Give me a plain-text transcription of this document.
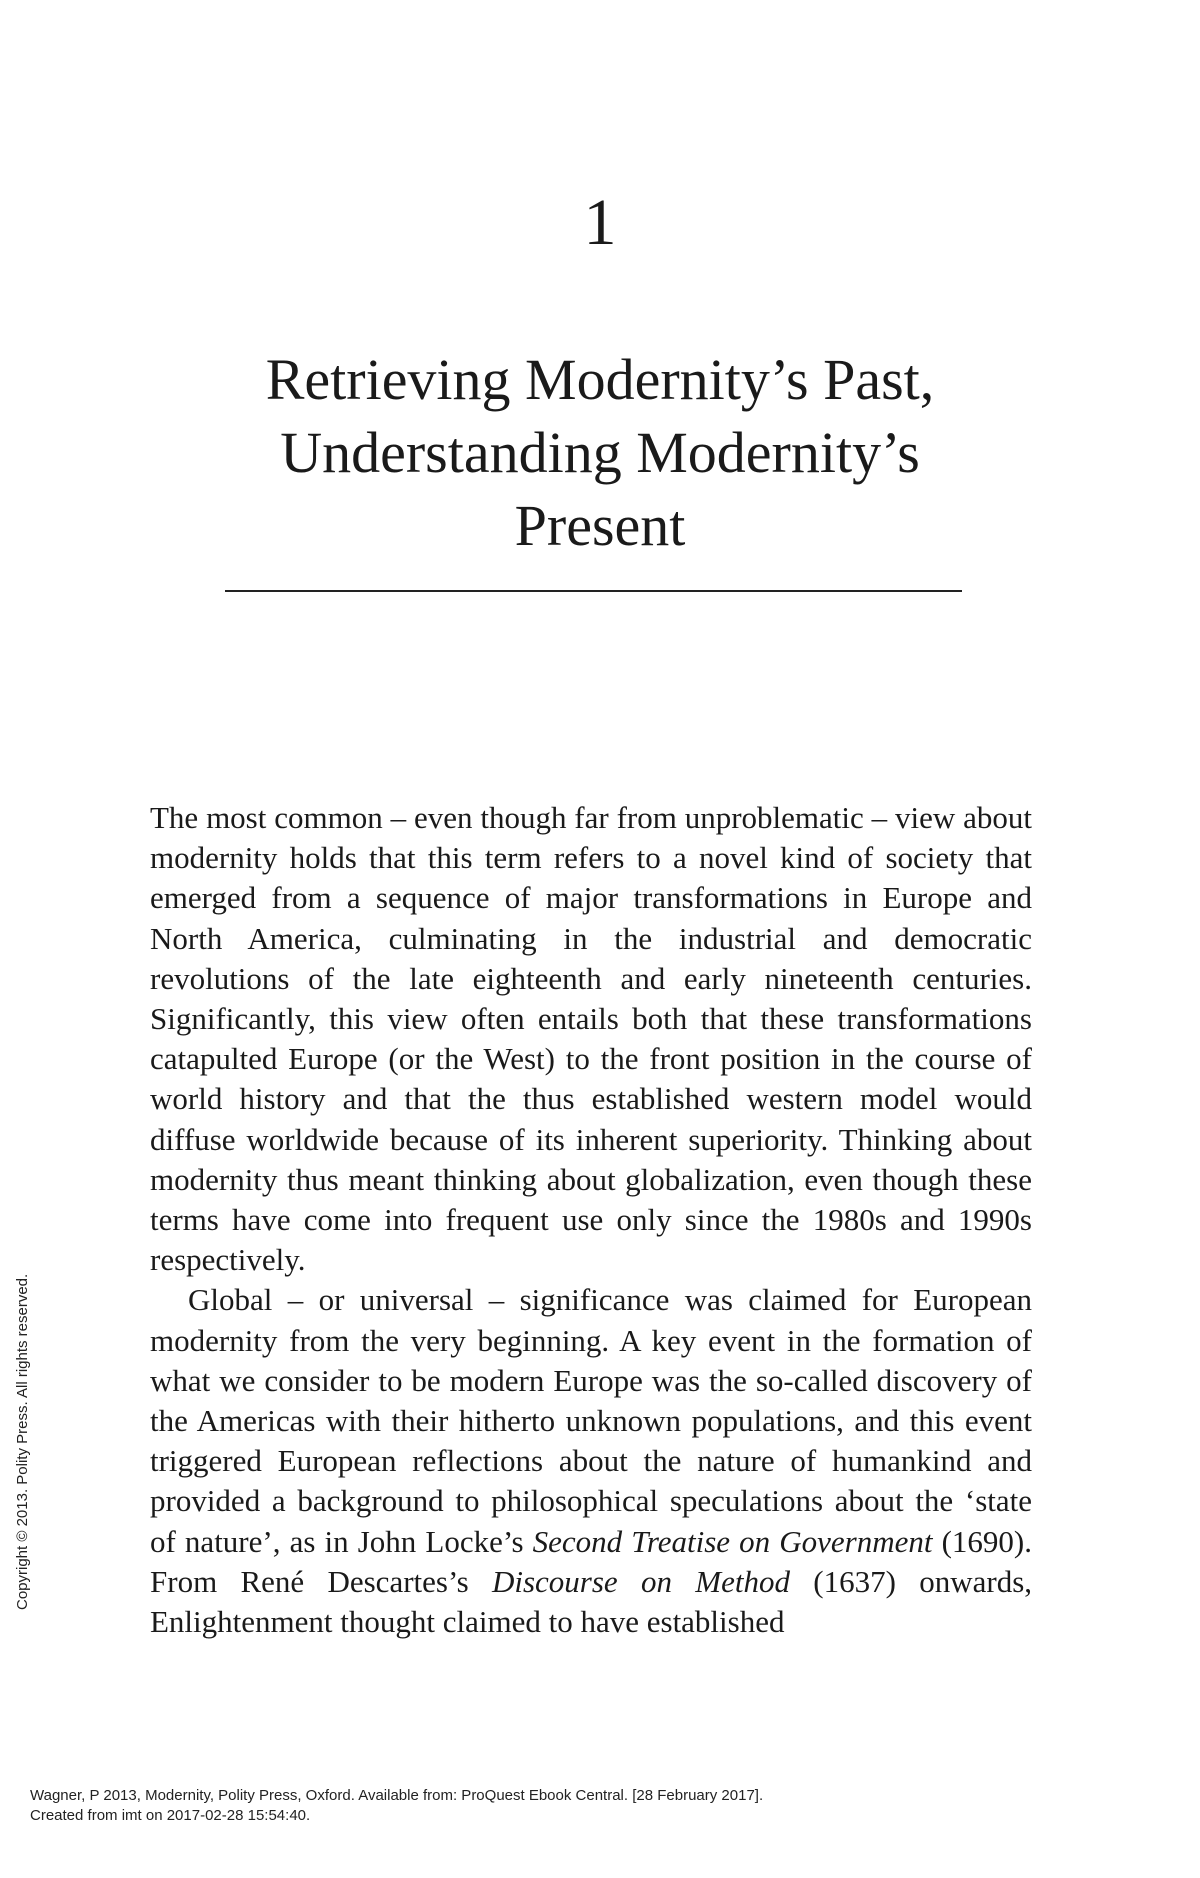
1
Retrieving Modernity’s Past,
Understanding Modernity’s
Present

The most common – even though far from unproblematic – view about modernity holds that this term refers to a novel kind of society that emerged from a sequence of major transformations in Europe and North America, culminating in the industrial and democratic revolutions of the late eighteenth and early nineteenth centuries. Significantly, this view often entails both that these transformations catapulted Europe (or the West) to the front position in the course of world history and that the thus established western model would diffuse worldwide because of its inherent superiority. Thinking about modernity thus meant thinking about globalization, even though these terms have come into frequent use only since the 1980s and 1990s respectively.

Global – or universal – significance was claimed for European modernity from the very beginning. A key event in the formation of what we consider to be modern Europe was the so-called discovery of the Americas with their hitherto unknown populations, and this event triggered European reflections about the nature of humankind and provided a background to philosophical speculations about the ‘state of nature’, as in John Locke’s Second Treatise on Government (1690). From René Descartes’s Discourse on Method (1637) onwards, Enlightenment thought claimed to have established

Copyright © 2013. Polity Press. All rights reserved.
Wagner, P 2013, Modernity, Polity Press, Oxford. Available from: ProQuest Ebook Central. [28 February 2017].
Created from imt on 2017-02-28 15:54:40.
